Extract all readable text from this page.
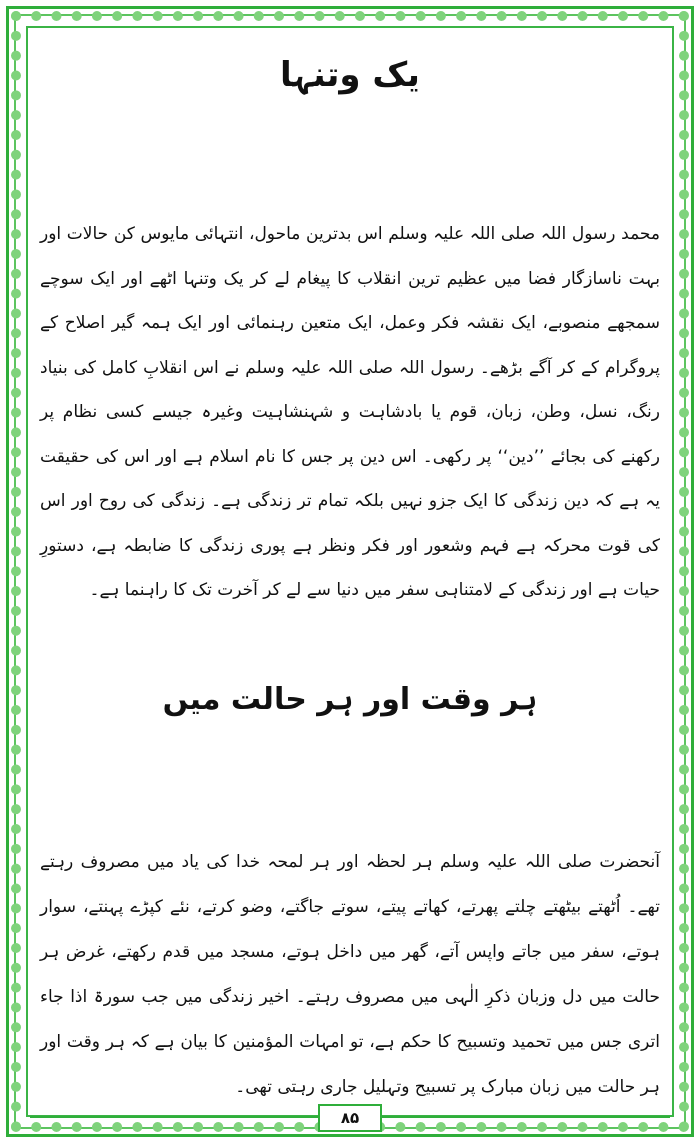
یک وتنہا

محمد رسول اللہ صلی اللہ علیہ وسلم اس بدترین ماحول، انتہائی مایوس کن حالات اور بہت ناسازگار فضا میں عظیم ترین انقلاب کا پیغام لے کر یک وتنہا اٹھے اور ایک سوچے سمجھے منصوبے، ایک نقشہ فکر وعمل، ایک متعین رہنمائی اور ایک ہمہ گیر اصلاح کے پروگرام کے کر آگے بڑھے۔ رسول اللہ صلی اللہ علیہ وسلم نے اس انقلابِ کامل کی بنیاد رنگ، نسل، وطن، زبان، قوم یا بادشاہت و شہنشاہیت وغیرہ جیسے کسی نظام پر رکھنے کی بجائے ’’دین‘‘ پر رکھی۔ اس دین پر جس کا نام اسلام ہے اور اس کی حقیقت یہ ہے کہ دین زندگی کا ایک جزو نہیں بلکہ تمام تر زندگی ہے۔ زندگی کی روح اور اس کی قوت محرکہ ہے فہم وشعور اور فکر ونظر ہے پوری زندگی کا ضابطہ ہے، دستورِ حیات ہے اور زندگی کے لامتناہی سفر میں دنیا سے لے کر آخرت تک کا راہنما ہے۔

ہر وقت اور ہر حالت میں

آنحضرت صلی اللہ علیہ وسلم ہر لحظہ اور ہر لمحہ خدا کی یاد میں مصروف رہتے تھے۔ اُٹھتے بیٹھتے چلتے پھرتے، کھاتے پیتے، سوتے جاگتے، وضو کرتے، نئے کپڑے پہنتے، سوار ہوتے، سفر میں جاتے واپس آتے، گھر میں داخل ہوتے، مسجد میں قدم رکھتے، غرض ہر حالت میں دل وزبان ذکرِ الٰہی میں مصروف رہتے۔ اخیر زندگی میں جب سورۃ اذا جاء اتری جس میں تحمید وتسبیح کا حکم ہے، تو امہات المؤمنین کا بیان ہے کہ ہر وقت اور ہر حالت میں زبان مبارک پر تسبیح وتہلیل جاری رہتی تھی۔

۸۵
